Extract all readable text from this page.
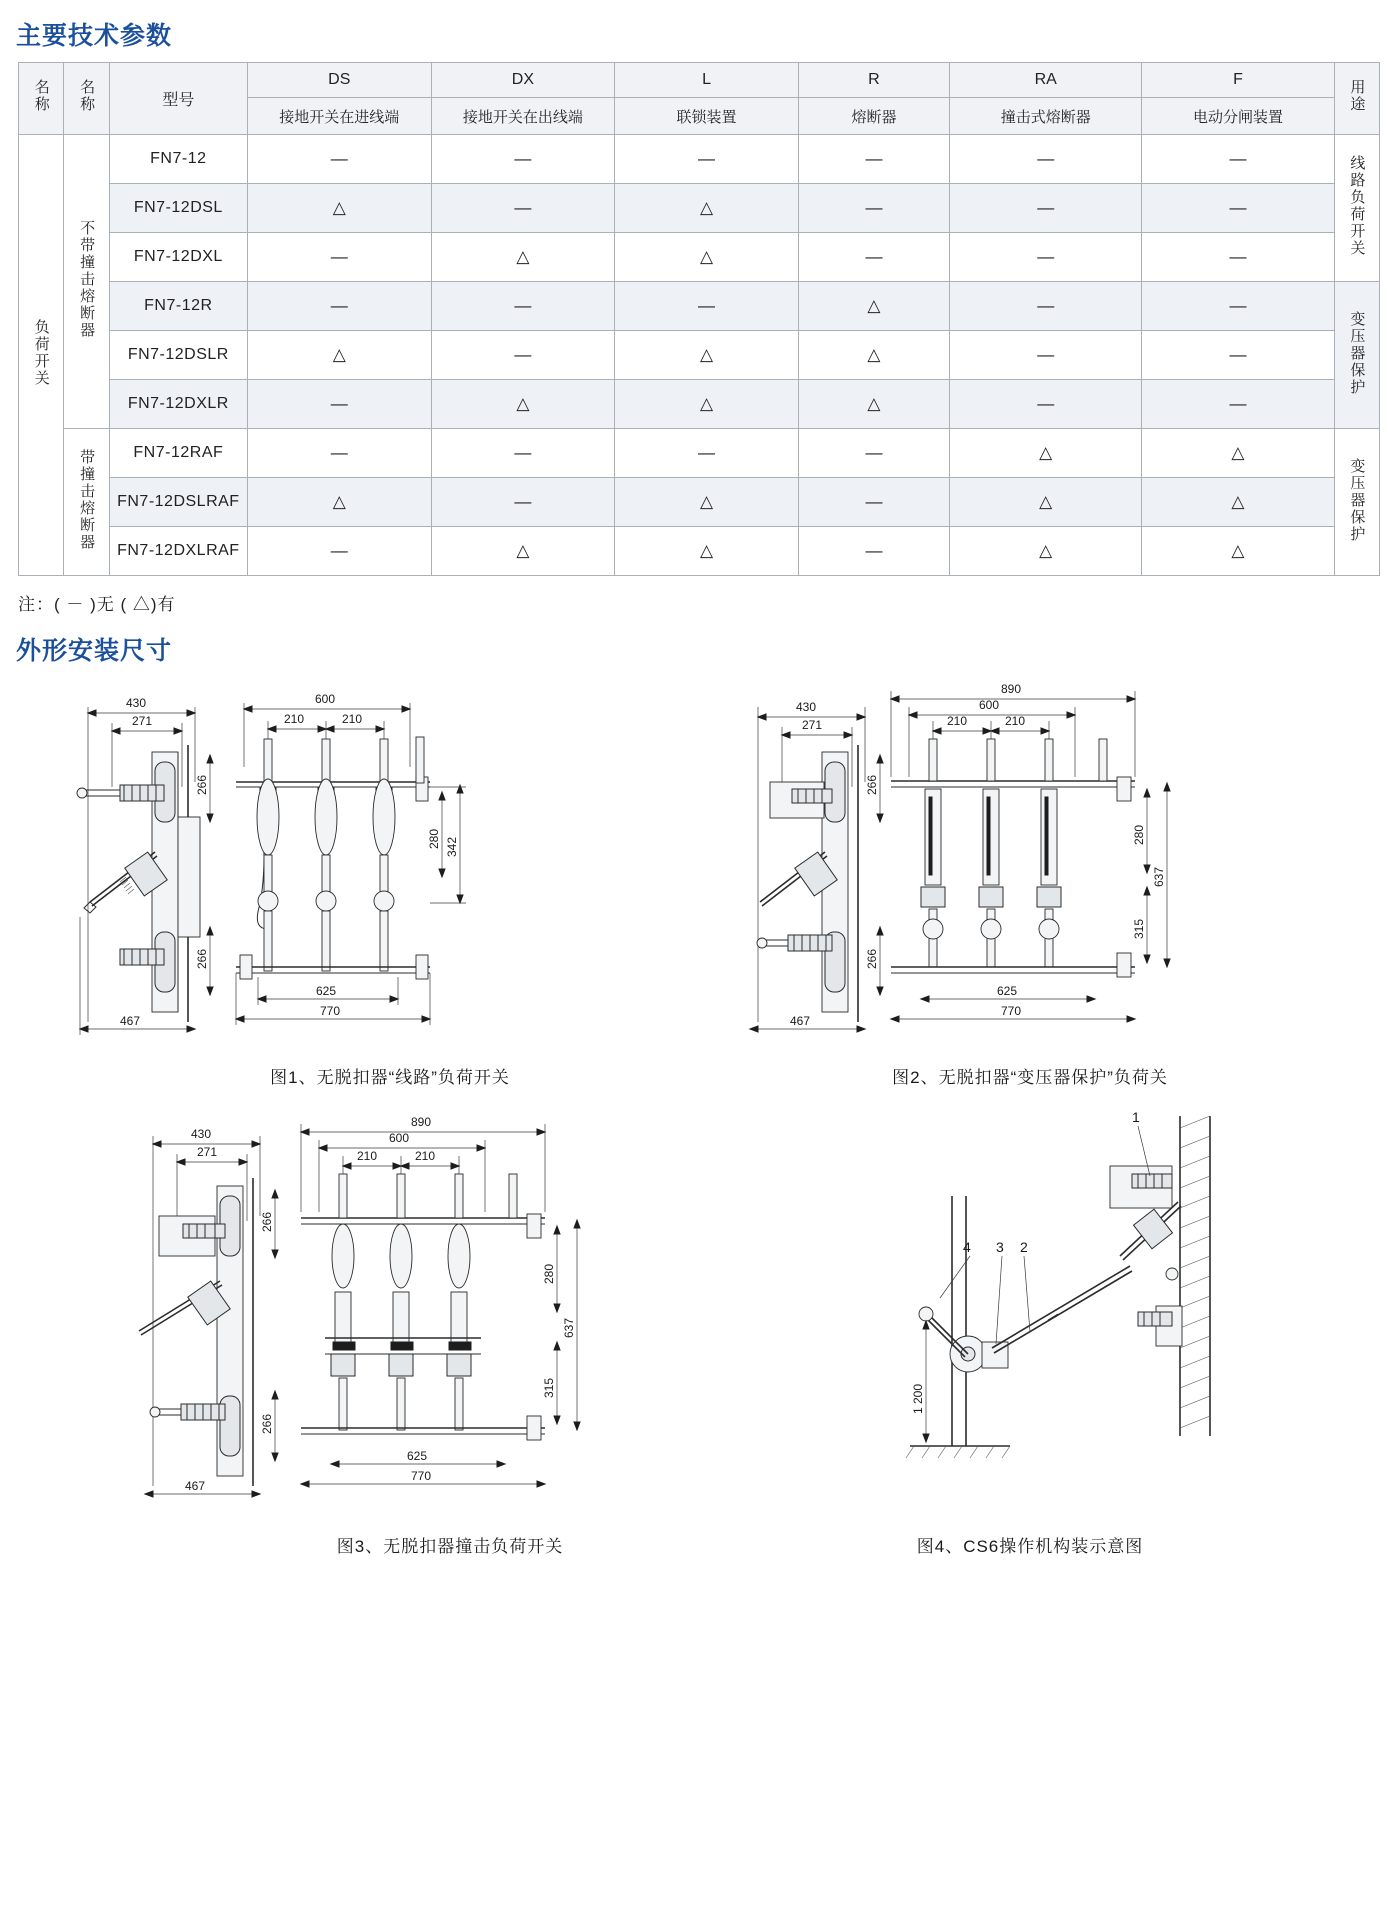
主要技术参数
名称	名称	型号	DS	DX	L	R	RA	F	用途
			接地开关在进线端	接地开关在出线端	联锁装置	熔断器	撞击式熔断器	电动分闸装置	
负荷开关	不带撞击熔断器	FN7-12	—	—	—	—	—	—	线路负荷开关
		FN7-12DSL	△	—	△	—	—	—	
		FN7-12DXL	—	△	△	—	—	—	
		FN7-12R	—	—	—	△	—	—	变压器保护
		FN7-12DSLR	△	—	△	△	—	—	
		FN7-12DXLR	—	△	△	△	—	—	
	带撞击熔断器	FN7-12RAF	—	—	—	—	△	△	变压器保护
		FN7-12DSLRAF	△	—	△	—	△	△	
		FN7-12DXLRAF	—	△	△	—	△	△	
注：( － )无 ( △)有
外形安装尺寸
430
271
266
266
467
600
210	210
280 342
625
770
图1、无脱扣器“线路”负荷开关
430
271
266
266
467
890
600
210	210
280
315
637
625
770
图2、无脱扣器“变压器保护”负荷关
430
271
266
266
467
890
600
210	210
280
315
637
625
770
图3、无脱扣器撞击负荷开关
1
4 3 2
1 200
图4、CS6操作机构装示意图
